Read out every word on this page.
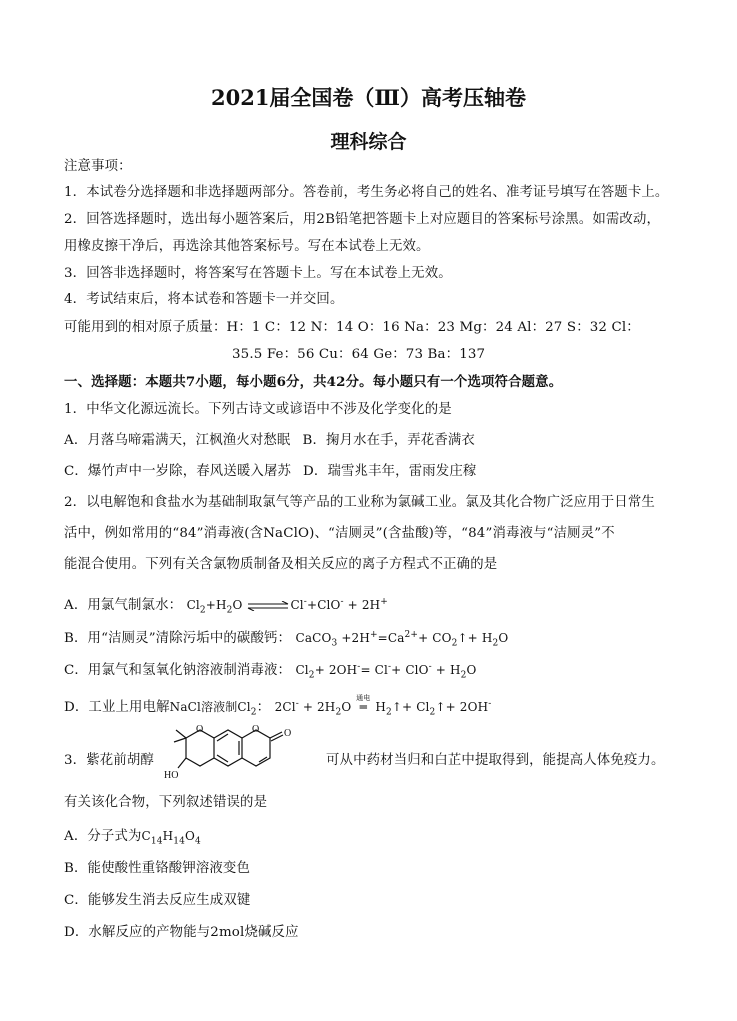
2021届全国卷（Ⅲ）高考压轴卷
理科综合
注意事项：
1．本试卷分选择题和非选择题两部分。答卷前，考生务必将自己的姓名、准考证号填写在答题卡上。
2．回答选择题时，选出每小题答案后，用2B铅笔把答题卡上对应题目的答案标号涂黑。如需改动，
用橡皮擦干净后，再选涂其他答案标号。写在本试卷上无效。
3．回答非选择题时，将答案写在答题卡上。写在本试卷上无效。
4．考试结束后，将本试卷和答题卡一并交回。
可能用到的相对原子质量：H：1 C：12 N：14 O：16 Na：23 Mg：24 Al：27 S：32 Cl：
35.5 Fe：56 Cu：64 Ge：73 Ba：137
一、选择题：本题共7小题，每小题6分，共42分。每小题只有一个选项符合题意。
1．中华文化源远流长。下列古诗文或谚语中不涉及化学变化的是
A．月落乌啼霜满天，江枫渔火对愁眠 B．掬月水在手，弄花香满衣
C．爆竹声中一岁除，春风送暖入屠苏 D．瑞雪兆丰年，雷雨发庄稼
2．以电解饱和食盐水为基础制取氯气等产品的工业称为氯碱工业。氯及其化合物广泛应用于日常生
活中，例如常用的“84”消毒液(含NaClO)、“洁厕灵”(含盐酸)等，“84”消毒液与“洁厕灵”不
能混合使用。下列有关含氯物质制备及相关反应的离子方程式不正确的是
A．用氯气制氯水： $Cl_2+H_2O$ ⇌Cl-+ClO- + 2H+
B．用“洁厕灵”清除污垢中的碳酸钙： CaCO$_3$ $+2H^+=Ca^{2+}+$ $CO_2↑+ H_2O$
C．用氯气和氢氧化钠溶液制消毒液： $Cl_2+ 2OH^-= Cl^-+ ClO^- + H_2O$
D．工业上用电解NaCl溶液制$Cl_2$： $2Cl^- + 2H_2O$
通电
═ $H_2↑+$ $Cl_2↑+ 2OH^-$
3．紫花前胡醇
O	O O
HO
可从中药材当归和白芷中提取得到，能提高人体免疫力。
有关该化合物，下列叙述错误的是
A．分子式为$C_{14}H_{14}O_4$
B．能使酸性重铬酸钾溶液变色
C．能够发生消去反应生成双键
D．水解反应的产物能与2mol烧碱反应
